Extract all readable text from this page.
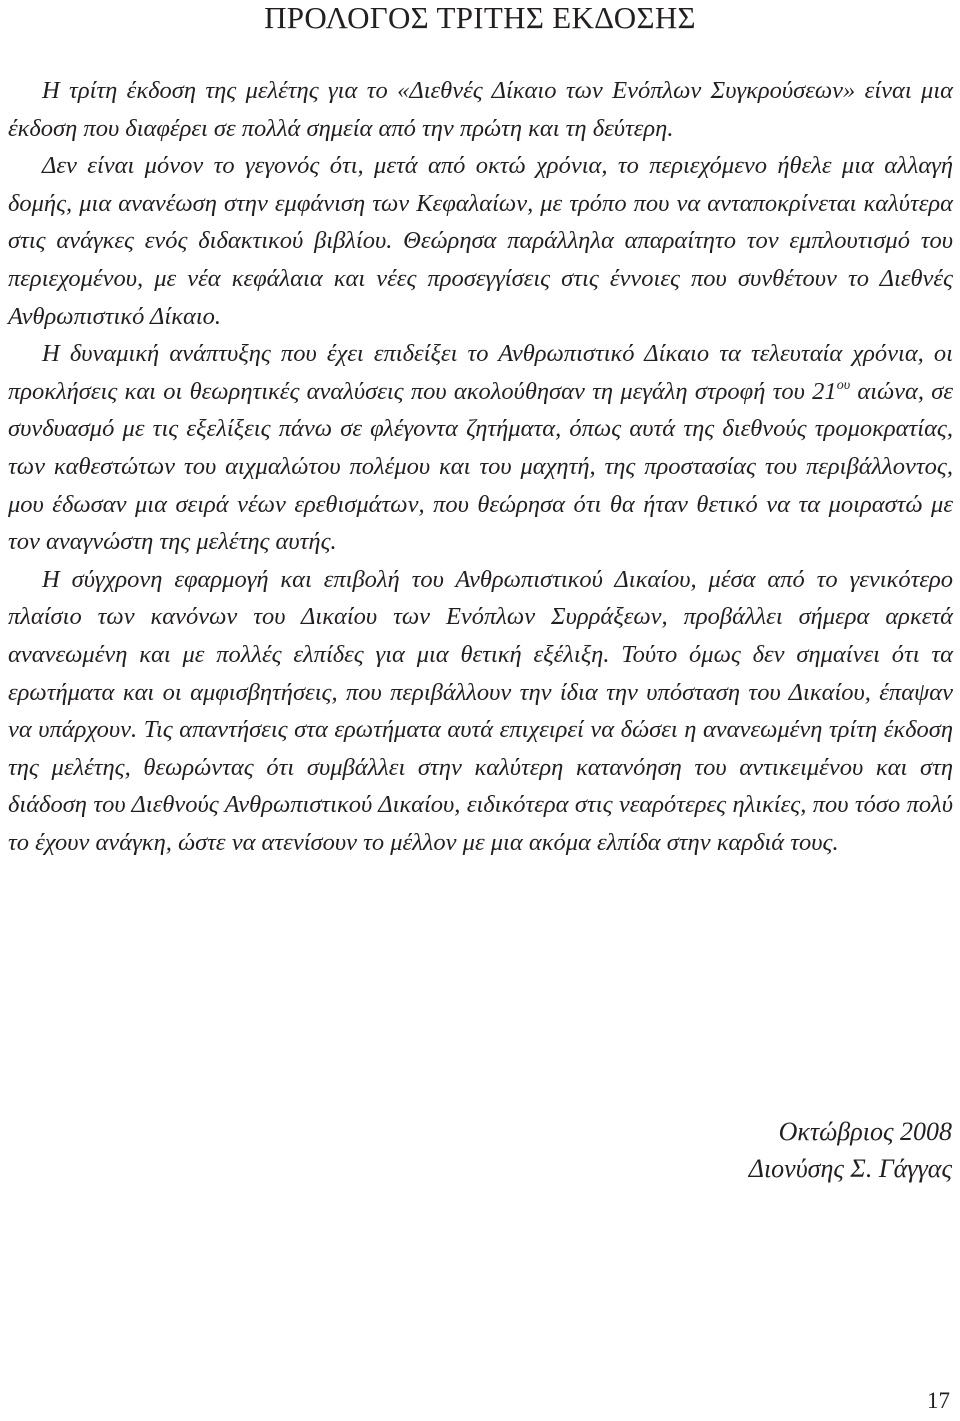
ΠΡΟΛΟΓΟΣ ΤΡΙΤΗΣ ΕΚΔΟΣΗΣ

Η τρίτη έκδοση της μελέτης για το «Διεθνές Δίκαιο των Ενόπλων Συγκρούσεων» είναι μια έκδοση που διαφέρει σε πολλά σημεία από την πρώτη και τη δεύτερη.

Δεν είναι μόνον το γεγονός ότι, μετά από οκτώ χρόνια, το περιεχόμενο ήθελε μια αλλαγή δομής, μια ανανέωση στην εμφάνιση των Κεφαλαίων, με τρόπο που να ανταποκρίνεται καλύτερα στις ανάγκες ενός διδακτικού βιβλίου. Θεώρησα παράλληλα απαραίτητο τον εμπλουτισμό του περιεχομένου, με νέα κεφάλαια και νέες προσεγγίσεις στις έννοιες που συνθέτουν το Διεθνές Ανθρωπιστικό Δίκαιο.

Η δυναμική ανάπτυξης που έχει επιδείξει το Ανθρωπιστικό Δίκαιο τα τελευταία χρόνια, οι προκλήσεις και οι θεωρητικές αναλύσεις που ακολούθησαν τη μεγάλη στροφή του $21^{o\upsilon}$ αιώνα, σε συνδυασμό με τις εξελίξεις πάνω σε φλέγοντα ζητήματα, όπως αυτά της διεθνούς τρομοκρατίας, των καθεστώτων του αιχμαλώτου πολέμου και του μαχητή, της προστασίας του περιβάλλοντος, μου έδωσαν μια σειρά νέων ερεθισμάτων, που θεώρησα ότι θα ήταν θετικό να τα μοιραστώ με τον αναγνώστη της μελέτης αυτής.

Η σύγχρονη εφαρμογή και επιβολή του Ανθρωπιστικού Δικαίου, μέσα από το γενικότερο πλαίσιο των κανόνων του Δικαίου των Ενόπλων Συρράξεων, προβάλλει σήμερα αρκετά ανανεωμένη και με πολλές ελπίδες για μια θετική εξέλιξη. Τούτο όμως δεν σημαίνει ότι τα ερωτήματα και οι αμφισβητήσεις, που περιβάλλουν την ίδια την υπόσταση του Δικαίου, έπαψαν να υπάρχουν. Τις απαντήσεις στα ερωτήματα αυτά επιχειρεί να δώσει η ανανεωμένη τρίτη έκδοση της μελέτης, θεωρώντας ότι συμβάλλει στην καλύτερη κατανόηση του αντικειμένου και στη διάδοση του Διεθνούς Ανθρωπιστικού Δικαίου, ειδικότερα στις νεαρότερες ηλικίες, που τόσο πολύ το έχουν ανάγκη, ώστε να ατενίσουν το μέλλον με μια ακόμα ελπίδα στην καρδιά τους.

Οκτώβριος 2008
Διονύσης Σ. Γάγγας
17
